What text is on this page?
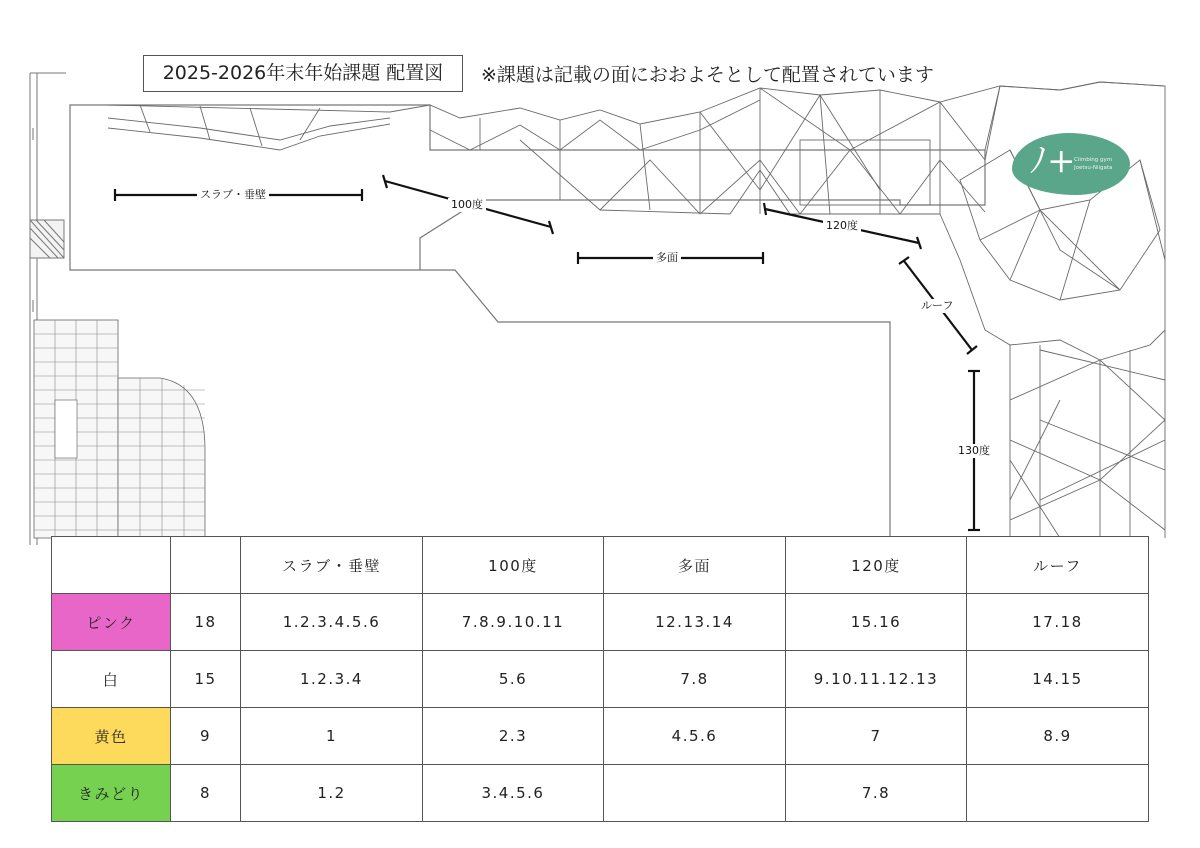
スラブ・垂壁
100度
多面
120度
ルーフ
130度
ﾉ+
Climbing gym
Joetsu-Niigata
2025-2026年末年始課題 配置図	※課題は記載の面におおよそとして配置されています
		スラブ・垂壁	100度	多面	120度	ルーフ
ピンク	18	1.2.3.4.5.6	7.8.9.10.11	12.13.14	15.16	17.18
白	15	1.2.3.4	5.6	7.8	9.10.11.12.13	14.15
黄色	9	1	2.3	4.5.6	7	8.9
きみどり	8	1.2	3.4.5.6		7.8	
